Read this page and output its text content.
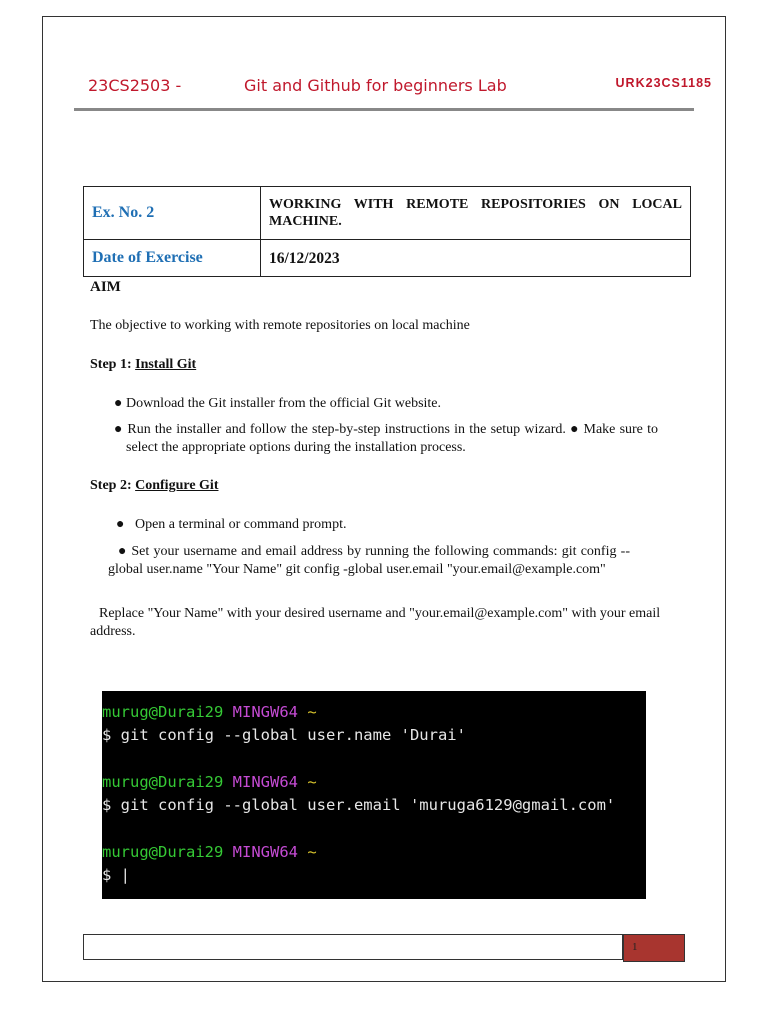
23CS2503 -	Git and Github for beginners Lab	URK23CS1185
Ex. No. 2	WORKING WITH REMOTE REPOSITORIES ON LOCAL MACHINE.
Date of Exercise	16/12/2023
AIM
The objective to working with remote repositories on local machine
Step 1: Install Git
● Download the Git installer from the official Git website.
● Run the installer and follow the step-by-step instructions in the setup wizard. ● Make sure to select the appropriate options during the installation process.
Step 2: Configure Git
●   Open a terminal or command prompt.
● Set your username and email address by running the following commands: git config --global user.name "Your Name" git config -global user.email "your.email@example.com"
Replace "Your Name" with your desired username and "your.email@example.com" with your email address.
murug@Durai29 MINGW64 ~
$ git config --global user.name 'Durai'
murug@Durai29 MINGW64 ~
$ git config --global user.email 'muruga6129@gmail.com'
murug@Durai29 MINGW64 ~
$ |
1
